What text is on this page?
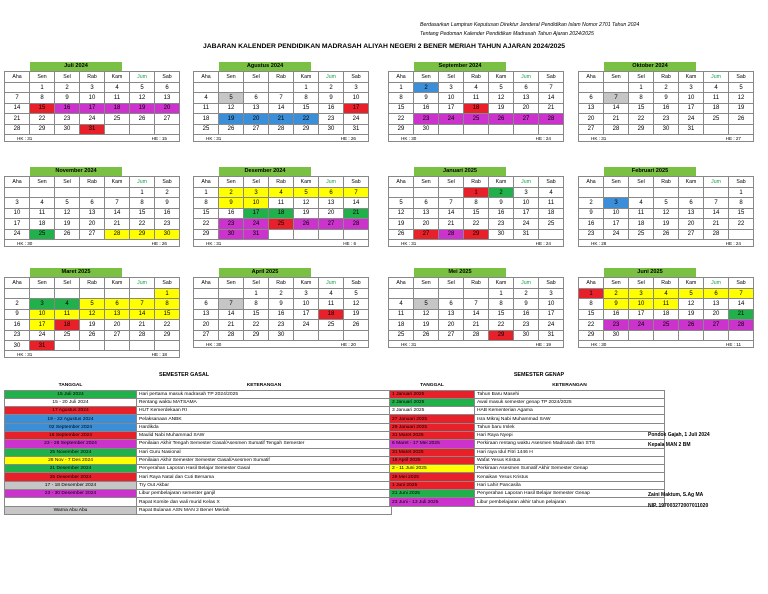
Berdasarkan Lampiran Keputusan Direktur Jenderal Pendidikan Islam Nomor 2701 Tahun 2024
Tentang Pedoman Kalender Pendidikan Madrasah Tahun Ajaran 2024/2025
JABARAN KALENDER PENDIDIKAN MADRASAH ALIYAH NEGERI 2 BENER MERIAH TAHUN AJARAN 2024/2025
Juli 2024
Aha	Sen	Sel	Rab	Kam	Jum	Sab
	1	2	3	4	5	6
7	8	9	10	11	12	13
14	15	16	17	18	19	20
21	22	23	24	25	26	27
28	29	30	31			
HK : 31	HE : 15
Agustus 2024
Aha	Sen	Sel	Rab	Kam	Jum	Sab
				1	2	3
4	5	6	7	8	9	10
11	12	13	14	15	16	17
18	19	20	21	22	23	24
25	26	27	28	29	30	31
HK : 31	HE : 26
September 2024
Aha	Sen	Sel	Rab	Kam	Jum	Sab
1	2	3	4	5	6	7
8	9	10	11	12	13	14
15	16	17	18	19	20	21
22	23	24	25	26	27	28
29	30					
HK : 30	HE : 24
Oktober 2024
Aha	Sen	Sel	Rab	Kam	Jum	Sab
		1	2	3	4	5
6	7	8	9	10	11	12
13	14	15	16	17	18	19
20	21	22	23	24	25	26
27	28	29	30	31		
HK : 31	HE : 27
November 2024
Aha	Sen	Sel	Rab	Kam	Jum	Sab
					1	2
3	4	5	6	7	8	9
10	11	12	13	14	15	16
17	18	19	20	21	22	23
24	25	26	27	28	29	30
HK : 30	HE : 26
Desember 2024
Aha	Sen	Sel	Rab	Kam	Jum	Sab
1	2	3	4	5	6	7
8	9	10	11	12	13	14
15	16	17	18	19	20	21
22	23	24	25	26	27	28
29	30	31				
HK : 31	HE : 6
Januari 2025
Aha	Sen	Sel	Rab	Kam	Jum	Sab
			1	2	3	4
5	6	7	8	9	10	11
12	13	14	15	16	17	18
19	20	21	22	23	24	25
26	27	28	29	30	31	
HK : 31	HE : 24
Februari 2025
Aha	Sen	Sel	Rab	Kam	Jum	Sab
						1
2	3	4	5	6	7	8
9	10	11	12	13	14	15
16	17	18	19	20	21	22
23	24	25	26	27	28	
HK : 28	HE : 24
Maret 2025
Aha	Sen	Sel	Rab	Kam	Jum	Sab
						1
2	3	4	5	6	7	8
9	10	11	12	13	14	15
16	17	18	19	20	21	22
23	24	25	26	27	28	29
30	31					
HK : 31	HE : 18
April 2025
Aha	Sen	Sel	Rab	Kam	Jum	Sab
		1	2	3	4	5
6	7	8	9	10	11	12
13	14	15	16	17	18	19
20	21	22	23	24	25	26
27	28	29	30			
HK : 30	HE : 20
Mei 2025
Aha	Sen	Sel	Rab	Kam	Jum	Sab
				1	2	3
4	5	6	7	8	9	10
11	12	13	14	15	16	17
18	19	20	21	22	23	24
25	26	27	28	29	30	31
HK : 31	HE : 19
Juni 2025
Aha	Sen	Sel	Rab	Kam	Jum	Sab
1	2	3	4	5	6	7
8	9	10	11	12	13	14
15	16	17	18	19	20	21
22	23	24	25	26	27	28
29	30					
HK : 30	HE : 11
SEMESTER GASAL
TANGGAL	KETERANGAN
15 Juli 2024	Hari pertama masuk madrasah TP 2024/2025
15 - 20 Juli 2024	Rentang waktu MATSAMA
17 Agustus 2024	HUT Kemerdekaan RI
19 - 22 Agustus 2024	Pelaksanaan ANBK
02 September 2024	Hardikda
16 September 2024	Maulid Nabi Muhammad SAW
23 - 28 September 2024	Penilaian Akhir Tengah Semester Gasal/Asesmen Sumatif Tengah Semester
25 November 2024	Hari Guru Nasional
28 Nov - 7 Des 2024	Penilaian Akhir Semester Semester Gasal/Asesmen Sumatif
21 Desember 2024	Penyerahan Laporan Hasil Belajar Semester Gasal
25 Desember 2024	Hari Raya Natal dan Cuti Bersama
17 - 18 Desember 2024	Try Out Akbar
23 - 30 Desember 2024	Libur pembelajaran semester ganjil
	Rapat Komite dan wali murid Kelas X
Warna Abu Abu	Rapat Bulanan ASN MAN 2 Bener Meriah
SEMESTER GENAP
TANGGAL	KETERANGAN
1 Januari 2025	Tahun Baru Masehi
2 Januari 2025	Awal masuk semester genap TP 2024/2025
3 Januari 2025	HAB Kementerian Agama
27 Januari 2025	Isra Mikraj Nabi Muhammad SAW
29 Januari 2025	Tahun baru Imlek
31 Maret 2025	Hari Raya Nyepi
6 Maret - 17 Mei 2025	Perkiraan rentang waktu Asesmen Madrasah dan STS
31 Maret 2025	Hari raya Idul Fitri 1446 H
18 April 2025	Wafat Yesus Kristus
2 - 11 Juni 2025	Perkiraan Asesmen Sumatif Akhir Semester Genap
29 Mei 2025	Kenaikan Yesus Kristus
1 Juni 2025	Hari Lahir Pancasila
21 Juni 2025	Penyerahan Laporan Hasil Belajar Semester Genap
23 Juni - 13 Juli 2025	Libur pembelajaran akhir tahun pelajaran
Pondok Gajah, 1 Juli 2024
Kepala MAN 2 BM
Zaini Maktum, S.Ag MA
NIP. 197003272007011020
